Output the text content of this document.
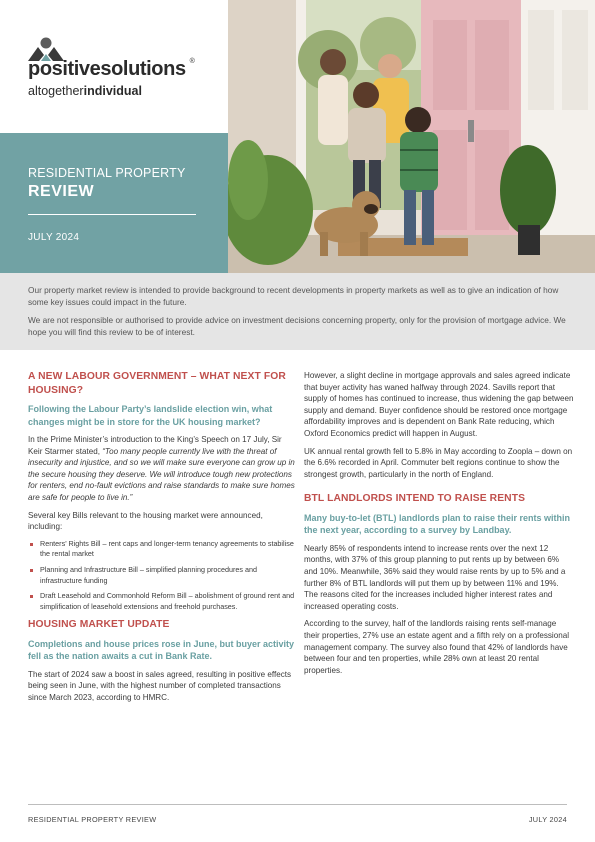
positivesolutions ®
altogetherindividual
RESIDENTIAL PROPERTY
REVIEW
JULY 2024

Our property market review is intended to provide background to recent developments in property markets as well as to give an indication of how some key issues could impact in the future.

We are not responsible or authorised to provide advice on investment decisions concerning property, only for the provision of mortgage advice. We hope you will find this review to be of interest.

A NEW LABOUR GOVERNMENT – WHAT NEXT FOR HOUSING?
Following the Labour Party’s landslide election win, what changes might be in store for the UK housing market?
In the Prime Minister’s introduction to the King’s Speech on 17 July, Sir Keir Starmer stated, “Too many people currently live with the threat of insecurity and injustice, and so we will make sure everyone can grow up in the secure housing they deserve. We will introduce tough new protections for renters, end no-fault evictions and raise standards to make sure homes are safe for people to live in.”
Several key Bills relevant to the housing market were announced, including:
Renters’ Rights Bill – rent caps and longer-term tenancy agreements to stabilise the rental market
Planning and Infrastructure Bill – simplified planning procedures and infrastructure funding
Draft Leasehold and Commonhold Reform Bill – abolishment of ground rent and simplification of leasehold extensions and freehold purchases.
HOUSING MARKET UPDATE
Completions and house prices rose in June, but buyer activity fell as the nation awaits a cut in Bank Rate.
The start of 2024 saw a boost in sales agreed, resulting in positive effects being seen in June, with the highest number of completed transactions since March 2023, according to HMRC.
However, a slight decline in mortgage approvals and sales agreed indicate that buyer activity has waned halfway through 2024. Savills report that supply of homes has continued to increase, thus widening the gap between supply and demand. Buyer confidence should be restored once mortgage affordability improves and is dependent on Bank Rate reducing, which Oxford Economics predict will happen in August.
UK annual rental growth fell to 5.8% in May according to Zoopla – down on the 6.6% recorded in April. Commuter belt regions continue to show the strongest growth, particularly in the north of England.
BTL LANDLORDS INTEND TO RAISE RENTS
Many buy-to-let (BTL) landlords plan to raise their rents within the next year, according to a survey by Landbay.
Nearly 85% of respondents intend to increase rents over the next 12 months, with 37% of this group planning to put rents up by between 6% and 10%. Meanwhile, 36% said they would raise rents by up to 5% and a further 8% of BTL landlords will put them up by between 11% and 19%. The reasons cited for the increases included higher interest rates and increased operating costs.
According to the survey, half of the landlords raising rents self-manage their properties, 27% use an estate agent and a fifth rely on a professional management company. The survey also found that 42% of landlords have between four and ten properties, while 28% own at least 20 rental properties.
RESIDENTIAL PROPERTY REVIEW	JULY 2024
